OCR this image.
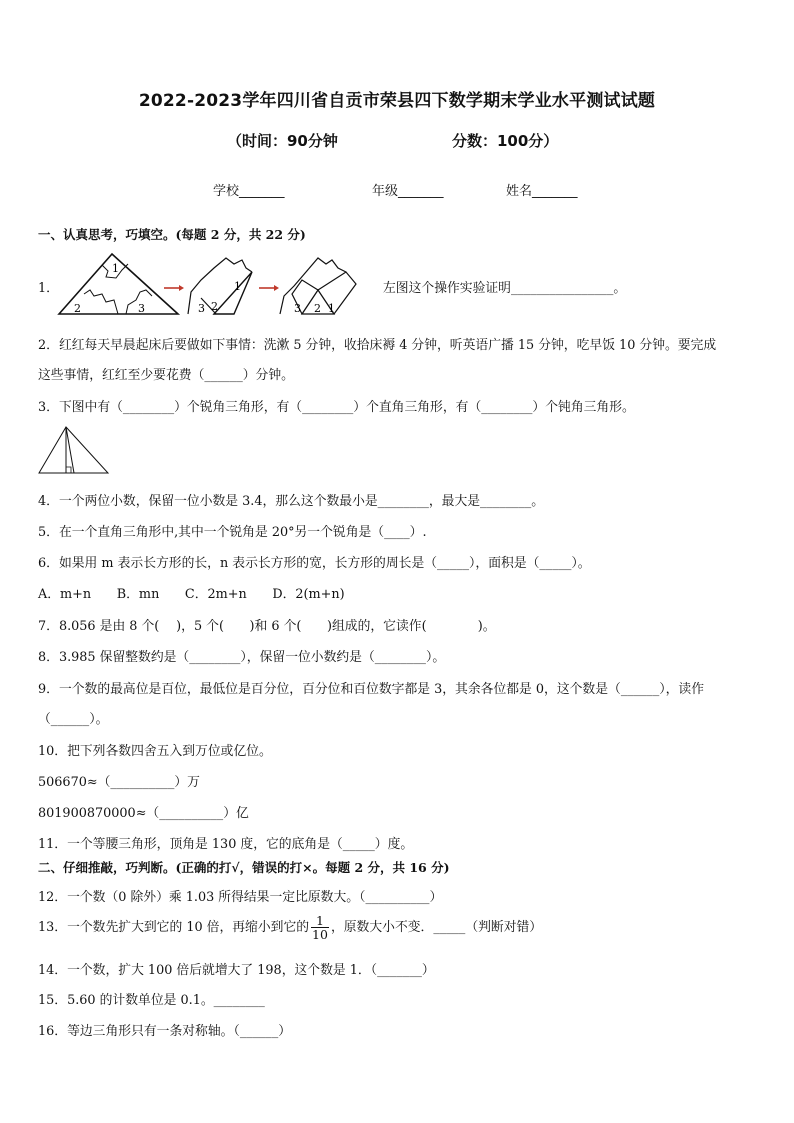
2022-2023学年四川省自贡市荣县四下数学期末学业水平测试试题
（时间：90分钟	分数：100分）
学校_______	年级_______	姓名_______
一、认真思考，巧填空。(每题 2 分，共 22 分)
1．
1
2	3	3 2
1
3 2 1
左图这个操作实验证明________________。
2．红红每天早晨起床后要做如下事情：洗漱 5 分钟，收拾床褥 4 分钟，听英语广播 15 分钟，吃早饭 10 分钟。要完成
这些事情，红红至少要花费（______）分钟。
3．下图中有（________）个锐角三角形，有（________）个直角三角形，有（________）个钝角三角形。
4．一个两位小数，保留一位小数是 3.4，那么这个数最小是________，最大是________。
5．在一个直角三角形中,其中一个锐角是 20°另一个锐角是（____）.
6．如果用 m 表示长方形的长，n 表示长方形的宽，长方形的周长是（_____），面积是（_____）。
A．m+n　　B．mn　　C．2m+n　　D．2(m+n)
7．8.056 是由 8 个(　 )，5 个(　　)和 6 个(　　)组成的，它读作(　　　　)。
8．3.985 保留整数约是（________），保留一位小数约是（________）。
9．一个数的最高位是百位，最低位是百分位，百分位和百位数字都是 3，其余各位都是 0，这个数是（______），读作
（______）。
10．把下列各数四舍五入到万位或亿位。
506670≈（__________）万
801900870000≈（__________）亿
11．一个等腰三角形，顶角是 130 度，它的底角是（_____）度。
二、仔细推敲，巧判断。(正确的打√，错误的打×。每题 2 分，共 16 分)
12．一个数（0 除外）乘 1.03 所得结果一定比原数大。（__________）
13．一个数先扩大到它的 10 倍，再缩小到它的 $\frac{1}{10}$ ，原数大小不变．_____（判断对错）
14．一个数，扩大 100 倍后就增大了 198，这个数是 1．（_______）
15．5.60 的计数单位是 0.1。________
16．等边三角形只有一条对称轴。（______）
